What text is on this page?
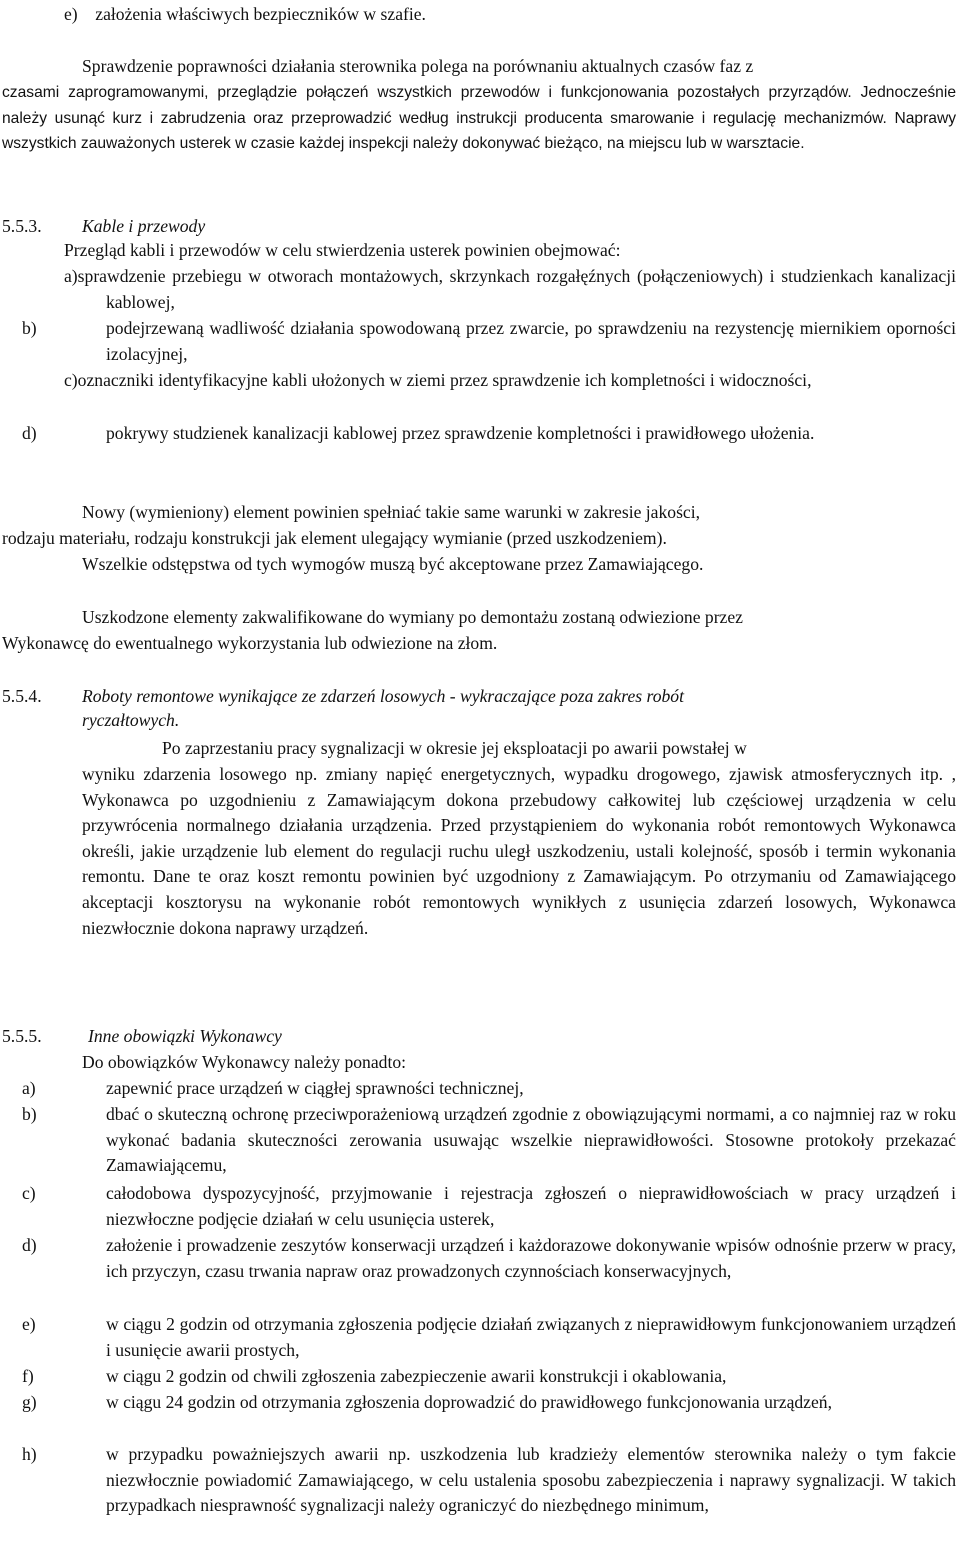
e)    założenia właściwych bezpieczników w szafie.
Sprawdzenie poprawności działania sterownika polega na porównaniu aktualnych czasów faz z
czasami zaprogramowanymi, przeglądzie połączeń wszystkich przewodów i funkcjonowania pozostałych przyrządów. Jednocześnie należy usunąć kurz i zabrudzenia oraz przeprowadzić według instrukcji producenta smarowanie i regulację mechanizmów. Naprawy wszystkich zauważonych usterek w czasie każdej inspekcji należy dokonywać bieżąco, na miejscu lub w warsztacie.
5.5.3.	Kable i przewody
Przegląd kabli i przewodów w celu stwierdzenia usterek powinien obejmować:
a)sprawdzenie przebiegu w otworach montażowych, skrzynkach rozgałęźnych (połączeniowych) i studzienkach kanalizacji kablowej,
b)	podejrzewaną wadliwość działania spowodowaną przez zwarcie, po sprawdzeniu na rezystencję miernikiem oporności izolacyjnej,
c)oznaczniki identyfikacyjne kabli ułożonych w ziemi przez sprawdzenie ich kompletności i widoczności,
d)	pokrywy studzienek kanalizacji kablowej przez sprawdzenie kompletności i prawidłowego ułożenia.
Nowy (wymieniony) element powinien spełniać takie same warunki w zakresie jakości,
rodzaju materiału, rodzaju konstrukcji jak element ulegający wymianie (przed uszkodzeniem).
Wszelkie odstępstwa od tych wymogów muszą być akceptowane przez Zamawiającego.
Uszkodzone elementy zakwalifikowane do wymiany po demontażu zostaną odwiezione przez
Wykonawcę do ewentualnego wykorzystania lub odwiezione na złom.
5.5.4.	Roboty remontowe wynikające ze zdarzeń losowych - wykraczające poza zakres robót
ryczałtowych.
Po zaprzestaniu pracy sygnalizacji w okresie jej eksploatacji po awarii powstałej w
wyniku zdarzenia losowego np. zmiany napięć energetycznych, wypadku drogowego, zjawisk atmosferycznych itp. , Wykonawca po uzgodnieniu z Zamawiającym dokona przebudowy całkowitej lub częściowej urządzenia w celu przywrócenia normalnego działania urządzenia. Przed przystąpieniem do wykonania robót remontowych Wykonawca określi, jakie urządzenie lub element do regulacji ruchu uległ uszkodzeniu, ustali kolejność, sposób i termin wykonania remontu. Dane te oraz koszt remontu powinien być uzgodniony z Zamawiającym. Po otrzymaniu od Zamawiającego akceptacji kosztorysu na wykonanie robót remontowych wynikłych z usunięcia zdarzeń losowych, Wykonawca niezwłocznie dokona naprawy urządzeń.
5.5.5.	Inne obowiązki Wykonawcy
Do obowiązków Wykonawcy należy ponadto:
a)	zapewnić prace urządzeń w ciągłej sprawności technicznej,
b)	dbać o skuteczną ochronę przeciwporażeniową urządzeń zgodnie z obowiązującymi normami, a co najmniej raz w roku wykonać badania skuteczności zerowania usuwając wszelkie nieprawidłowości. Stosowne protokoły przekazać Zamawiającemu,
c)	całodobowa dyspozycyjność, przyjmowanie i rejestracja zgłoszeń o nieprawidłowościach w pracy urządzeń i niezwłoczne podjęcie działań w celu usunięcia usterek,
d)	założenie i prowadzenie zeszytów konserwacji urządzeń i każdorazowe dokonywanie wpisów odnośnie przerw w pracy, ich przyczyn, czasu trwania napraw oraz prowadzonych czynnościach konserwacyjnych,
e)	w ciągu 2 godzin od otrzymania zgłoszenia podjęcie działań związanych z nieprawidłowym funkcjonowaniem urządzeń i usunięcie awarii prostych,
f)	w ciągu 2 godzin od chwili zgłoszenia zabezpieczenie awarii konstrukcji i okablowania,
g)	w ciągu 24 godzin od otrzymania zgłoszenia doprowadzić do prawidłowego funkcjonowania urządzeń,
h)	w przypadku poważniejszych awarii np. uszkodzenia lub kradzieży elementów sterownika należy o tym fakcie niezwłocznie powiadomić Zamawiającego, w celu ustalenia sposobu zabezpieczenia i naprawy sygnalizacji. W takich przypadkach niesprawność sygnalizacji należy ograniczyć do niezbędnego minimum,
